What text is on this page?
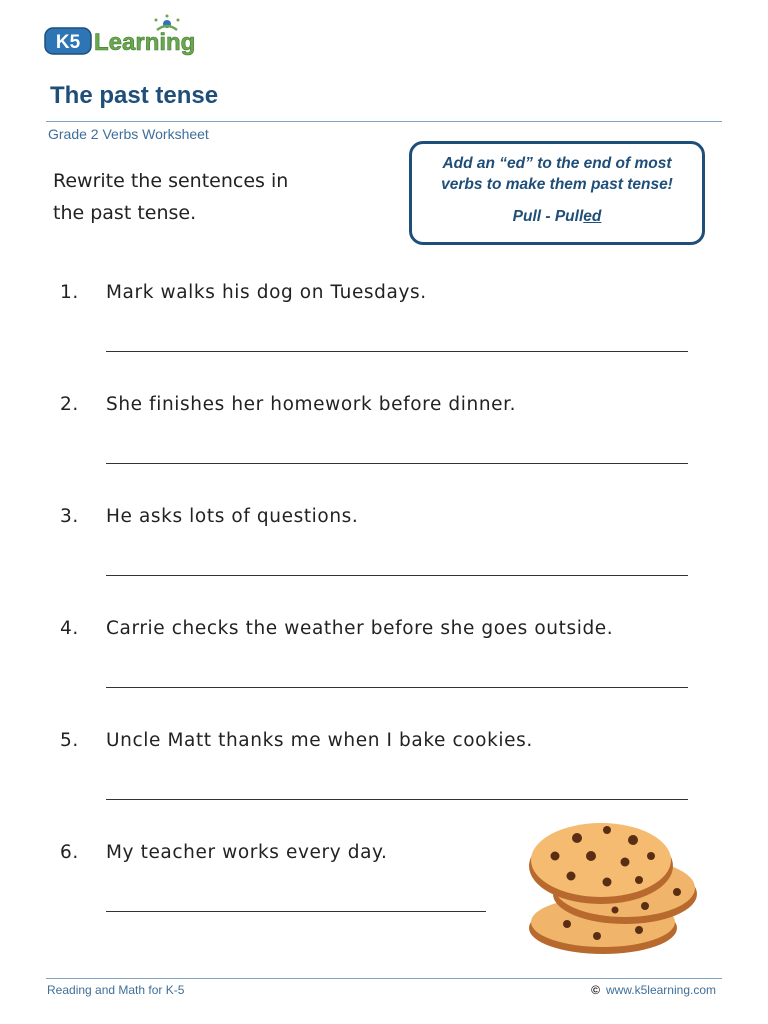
K5 Learning
The past tense
Grade 2 Verbs Worksheet
Rewrite the sentences in
the past tense.
Add an “ed” to the end of most
verbs to make them past tense!
Pull - Pulled
1. Mark walks his dog on Tuesdays.
2. She finishes her homework before dinner.
3. He asks lots of questions.
4. Carrie checks the weather before she goes outside.
5. Uncle Matt thanks me when I bake cookies.
6. My teacher works every day.
Reading and Math for K-5	© www.k5learning.com
